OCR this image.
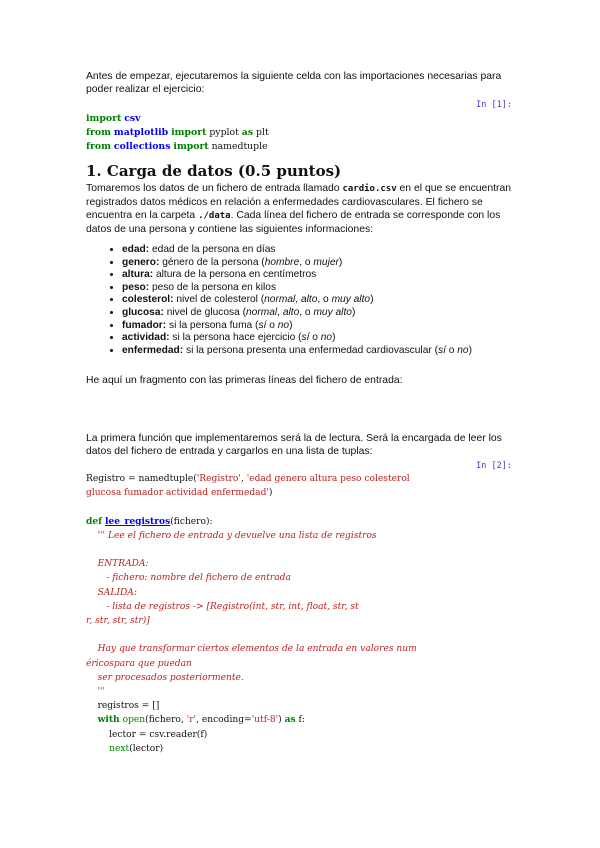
Antes de empezar, ejecutaremos la siguiente celda con las importaciones necesarias para poder realizar el ejercicio:

In [1]:
import csv
from matplotlib import pyplot as plt
from collections import namedtuple
1. Carga de datos (0.5 puntos)

Tomaremos los datos de un fichero de entrada llamado cardio.csv en el que se encuentran registrados datos médicos en relación a enfermedades cardiovasculares. El fichero se encuentra en la carpeta ./data. Cada línea del fichero de entrada se corresponde con los datos de una persona y contiene las siguientes informaciones:

• edad: edad de la persona en días
• genero: género de la persona (hombre, o mujer)
• altura: altura de la persona en centímetros
• peso: peso de la persona en kilos
• colesterol: nivel de colesterol (normal, alto, o muy alto)
• glucosa: nivel de glucosa (normal, alto, o muy alto)
• fumador: si la persona fuma (sí o no)
• actividad: si la persona hace ejercicio (sí o no)
• enfermedad: si la persona presenta una enfermedad cardiovascular (sí o no)

He aquí un fragmento con las primeras líneas del fichero de entrada:

La primera función que implementaremos será la de lectura. Será la encargada de leer los datos del fichero de entrada y cargarlos en una lista de tuplas:

In [2]:
Registro = namedtuple('Registro', 'edad genero altura peso colesterol
glucosa fumador actividad enfermedad')

def lee_registros(fichero):
''' Lee el fichero de entrada y devuelve una lista de registros

ENTRADA:
- fichero: nombre del fichero de entrada
SALIDA:
- lista de registros -> [Registro(int, str, int, float, str, st
r, str, str, str)]

Hay que transformar ciertos elementos de la entrada en valores num
éricospara que puedan
ser procesados posteriormente.
'''
registros = []
with open(fichero, 'r', encoding='utf-8') as f:
lector = csv.reader(f)
next(lector)
